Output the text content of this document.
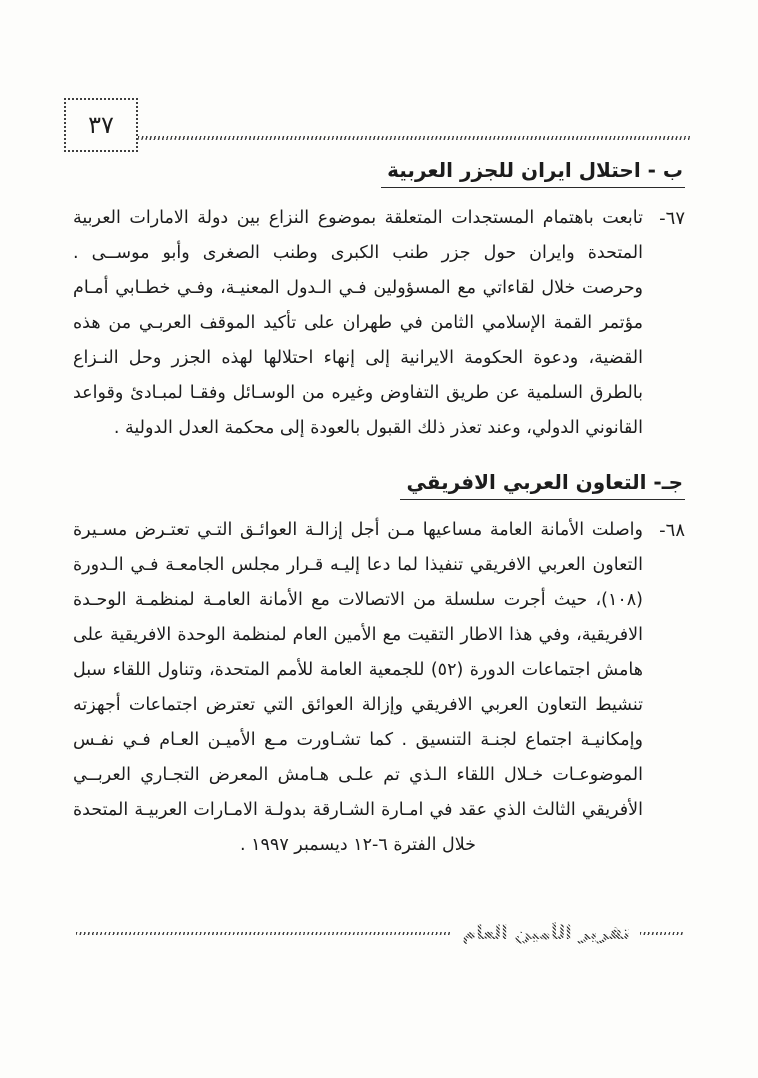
٣٧
ب - احتلال ايران للجزر العربية
٦٧-
تابعت باهتمام المستجدات المتعلقة بموضوع النزاع بين دولة الامارات العربية
المتحدة وايران حول جزر طنب الكبرى وطنب الصغرى وأبو موســى .
وحرصت خلال لقاءاتي مع المسؤولين فـي الـدول المعنيـة، وفـي خطـابي أمـام
مؤتمر القمة الإسلامي الثامن في طهران على تأكيد الموقف العربـي من هذه
القضية، ودعوة الحكومة الايرانية إلى إنهاء احتلالها لهذه الجزر وحل النـزاع
بالطرق السلمية عن طريق التفاوض وغيره من الوسـائل وفقـا لمبـادئ وقواعد
القانوني الدولي، وعند تعذر ذلك القبول بالعودة إلى محكمة العدل الدولية .
جـ- التعاون العربي الافريقي
٦٨-
واصلت الأمانة العامة مساعيها مـن أجل إزالـة العوائـق التـي تعتـرض مسـيرة
التعاون العربي الافريقي تنفيذا لما دعا إليـه قـرار مجلس الجامعـة فـي الـدورة
(١٠٨)، حيث أجرت سلسلة من الاتصالات مع الأمانة العامـة لمنظمـة الوحـدة
الافريقية، وفي هذا الاطار التقيت مع الأمين العام لمنظمة الوحدة الافريقية على
هامش اجتماعات الدورة (٥٢) للجمعية العامة للأمم المتحدة، وتناول اللقاء سبل
تنشيط التعاون العربي الافريقي وإزالة العوائق التي تعترض اجتماعات أجهزته
وإمكانيـة اجتماع لجنـة التنسيق . كما تشـاورت مـع الأميـن العـام فـي نفـس
الموضوعـات خـلال اللقاء الـذي تم علـى هـامش المعرض التجـاري العربــي
الأفريقي الثالث الذي عقد في امـارة الشـارقة بدولـة الامـارات العربيـة المتحدة
خلال الفترة ٦-١٢ ديسمبر ١٩٩٧ .
تقرير الأمين العام
